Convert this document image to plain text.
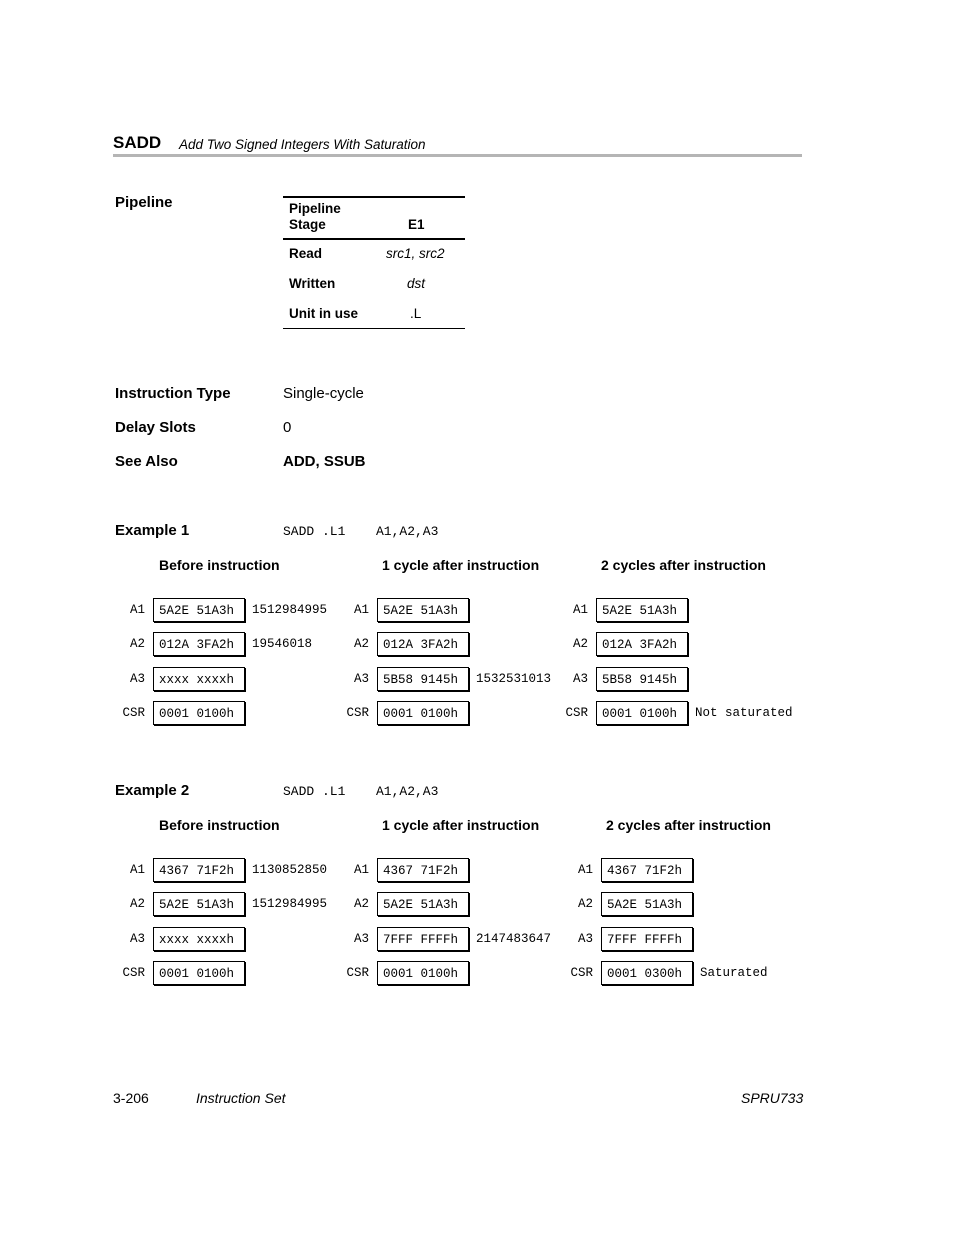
SADD Add Two Signed Integers With Saturation
Pipeline	Pipeline
Stage	E1
Read	src1, src2
Written	dst
Unit in use	.L
Instruction Type	Single-cycle
Delay Slots	0
See Also	ADD, SSUB
Example 1	SADD .L1 A1,A2,A3
Before instruction
A1	5A2E 51A3h	1512984995
A2	012A 3FA2h	19546018
A3	xxxx xxxxh
CSR	0001 0100h
1 cycle after instruction
A1	5A2E 51A3h
A2	012A 3FA2h
A3	5B58 9145h	1532531013
CSR	0001 0100h
2 cycles after instruction
A1	5A2E 51A3h
A2	012A 3FA2h
A3	5B58 9145h
CSR	0001 0100h	Not saturated
Example 2	SADD .L1 A1,A2,A3
Before instruction
A1	4367 71F2h	1130852850
A2	5A2E 51A3h	1512984995
A3	xxxx xxxxh
CSR	0001 0100h
1 cycle after instruction
A1	4367 71F2h
A2	5A2E 51A3h
A3	7FFF FFFFh	2147483647
CSR	0001 0100h
2 cycles after instruction
A1	4367 71F2h
A2	5A2E 51A3h
A3	7FFF FFFFh
CSR	0001 0300h	Saturated
3-206	Instruction Set	SPRU733
